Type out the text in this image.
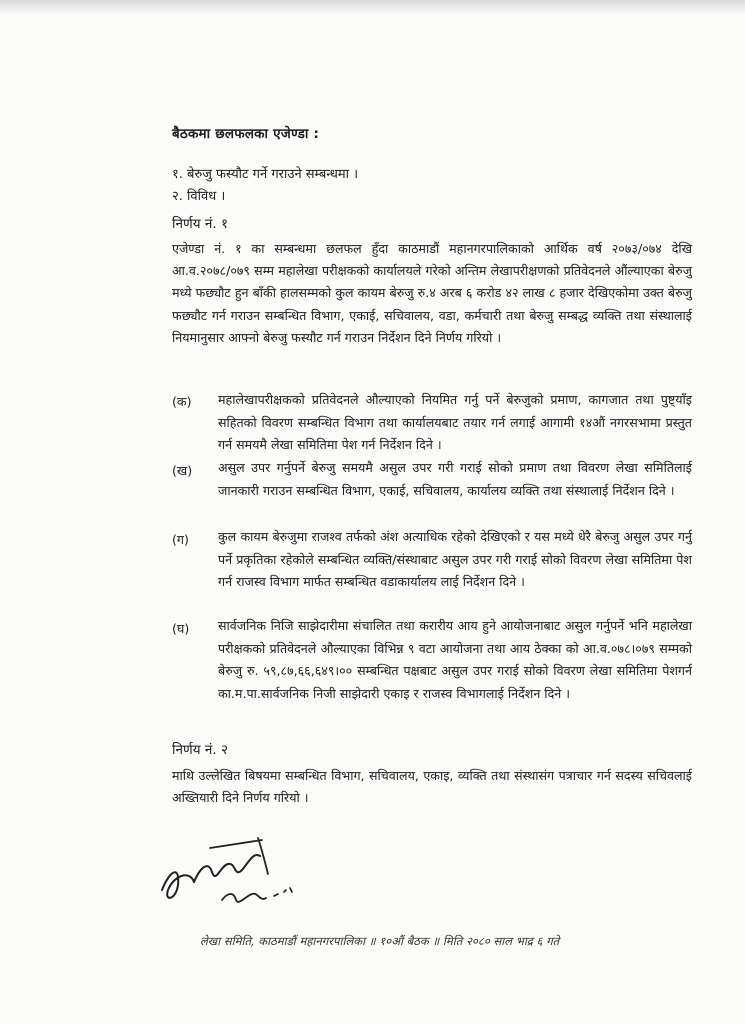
बैठकमा छलफलका एजेण्डा :
१. बेरुजु फस्यौट गर्ने गराउने सम्बन्धमा ।
२. विविध ।
निर्णय नं. १
एजेण्डा नं. १ का सम्बन्धमा छलफल हुँदा काठमाडौं महानगरपालिकाको आर्थिक वर्ष २०७३/०७४ देखि आ.व.२०७८/०७९ सम्म महालेखा परीक्षकको कार्यालयले गरेको अन्तिम लेखापरीक्षणको प्रतिवेदनले औंल्याएका बेरुजु मध्ये फछ्यौट हुन बाँकी हालसम्मको कुल कायम बेरुजु रु.४ अरब ६ करोड ४२ लाख ८ हजार देखिएकोमा उक्त बेरुजु फछ्यौट गर्न गराउन सम्बन्धित विभाग, एकाई, सचिवालय, वडा, कर्मचारी तथा बेरुजु सम्बद्ध व्यक्ति तथा संस्थालाई नियमानुसार आफ्नो बेरुजु फस्यौट गर्न गराउन निर्देशन दिने निर्णय गरियो ।
(क) महालेखापरीक्षकको प्रतिवेदनले औल्याएको नियमित गर्नु पर्ने बेरुजुको प्रमाण, कागजात तथा पुष्ट्याँइ सहितको विवरण सम्बन्धित विभाग तथा कार्यालयबाट तयार गर्न लगाई आगामी १४औं नगरसभामा प्रस्तुत गर्न समयमै लेखा समितिमा पेश गर्न निर्देशन दिने ।
(ख) असुल उपर गर्नुपर्ने बेरुजु समयमै असुल उपर गरी गराई सोको प्रमाण तथा विवरण लेखा समितिलाई जानकारी गराउन सम्बन्धित विभाग, एकाई, सचिवालय, कार्यालय व्यक्ति तथा संस्थालाई निर्देशन दिने ।
(ग) कुल कायम बेरुजुमा राजश्व तर्फको अंश अत्याधिक रहेको देखिएको र यस मध्ये धेरै बेरुजु असुल उपर गर्नु पर्ने प्रकृतिका रहेकोले सम्बन्धित व्यक्ति/संस्थाबाट असुल उपर गरी गराई सोको विवरण लेखा समितिमा पेश गर्न राजस्व विभाग मार्फत सम्बन्धित वडाकार्यालय लाई निर्देशन दिने ।
(घ) सार्वजनिक निजि साझेदारीमा संचालित तथा करारीय आय हुने आयोजनाबाट असुल गर्नुपर्ने भनि महालेखा परीक्षकको प्रतिवेदनले औल्याएका विभिन्न ९ वटा आयोजना तथा आय ठेक्का को आ.व.०७८।०७९ सम्मको बेरुजु रु. ५९,८७,६६,६४९।०० सम्बन्धित पक्षबाट असुल उपर गराई सोको विवरण लेखा समितिमा पेशगर्न का.म.पा.सार्वजनिक निजी साझेदारी एकाइ र राजस्व विभागलाई निर्देशन दिने ।
निर्णय नं. २
माथि उल्लेखित बिषयमा सम्बन्धित विभाग, सचिवालय, एकाइ, व्यक्ति तथा संस्थासंग पत्राचार गर्न सदस्य सचिवलाई अख्तियारी दिने निर्णय गरियो ।
लेखा समिति, काठमाडौं महानगरपालिका ॥ १०औं बैठक ॥ मिति २०८० साल भाद्र ६ गते
